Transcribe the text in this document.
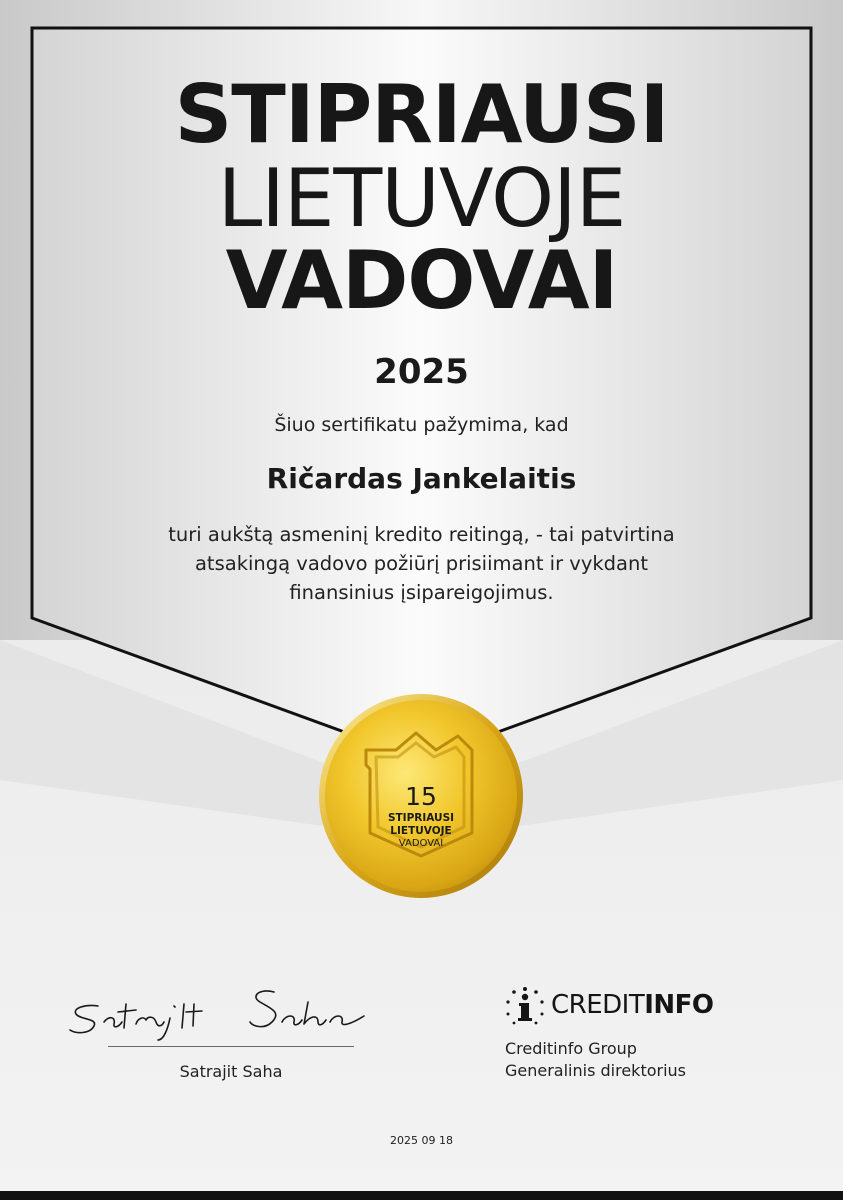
STIPRIAUSI
LIETUVOJE
VADOVAI
2025
Šiuo sertifikatu pažymima, kad
Ričardas Jankelaitis
turi aukštą asmeninį kredito reitingą, - tai patvirtina
atsakingą vadovo požiūrį prisiimant ir vykdant
finansinius įsipareigojimus.
15
STIPRIAUSI
LIETUVOJE
VADOVAI
Satrajit Saha
CREDITINFO
Creditinfo Group
Generalinis direktorius
2025 09 18
